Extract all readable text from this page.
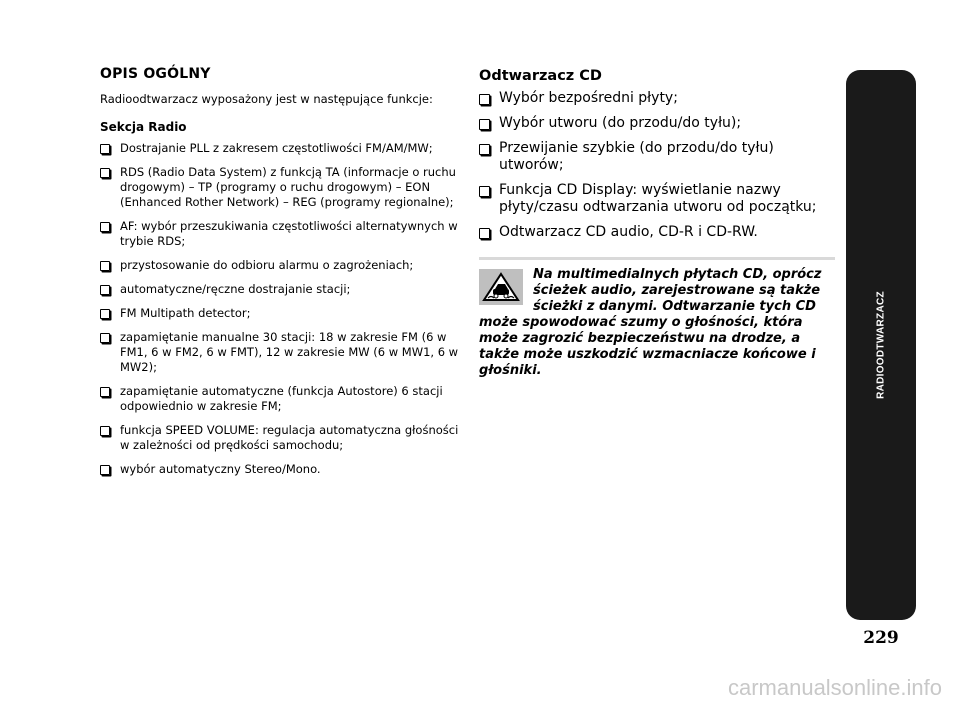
OPIS OGÓLNY

Radioodtwarzacz wyposażony jest w następujące funkcje:

Sekcja Radio

Dostrajanie PLL z zakresem częstotliwości FM/AM/MW;
RDS (Radio Data System) z funkcją TA (informacje o ruchu drogowym) – TP (programy o ruchu drogowym) – EON (Enhanced Rother Network) – REG (programy regionalne);
AF: wybór przeszukiwania częstotliwości alternatywnych w trybie RDS;
przystosowanie do odbioru alarmu o zagrożeniach;
automatyczne/ręczne dostrajanie stacji;
FM Multipath detector;
zapamiętanie manualne 30 stacji: 18 w zakresie FM (6 w FM1, 6 w FM2, 6 w FMT), 12 w zakresie MW (6 w MW1, 6 w MW2);
zapamiętanie automatyczne (funkcja Autostore) 6 stacji odpowiednio w zakresie FM;
funkcja SPEED VOLUME: regulacja automatyczna głośności w zależności od prędkości samochodu;
wybór automatyczny Stereo/Mono.

Odtwarzacz CD

Wybór bezpośredni płyty;
Wybór utworu (do przodu/do tyłu);
Przewijanie szybkie (do przodu/do tyłu) utworów;
Funkcja CD Display: wyświetlanie nazwy płyty/czasu odtwarzania utworu od początku;
Odtwarzacz CD audio, CD-R i CD-RW.

Na multimedialnych płytach CD, oprócz ścieżek audio, zarejestrowane są także ścieżki z danymi. Odtwarzanie tych CD może spowodować szumy o głośności, która może zagrozić bezpieczeństwu na drodze, a także może uszkodzić wzmacniacze końcowe i głośniki.	RADIOODTWARZACZ
229
carmanualsonline.info
